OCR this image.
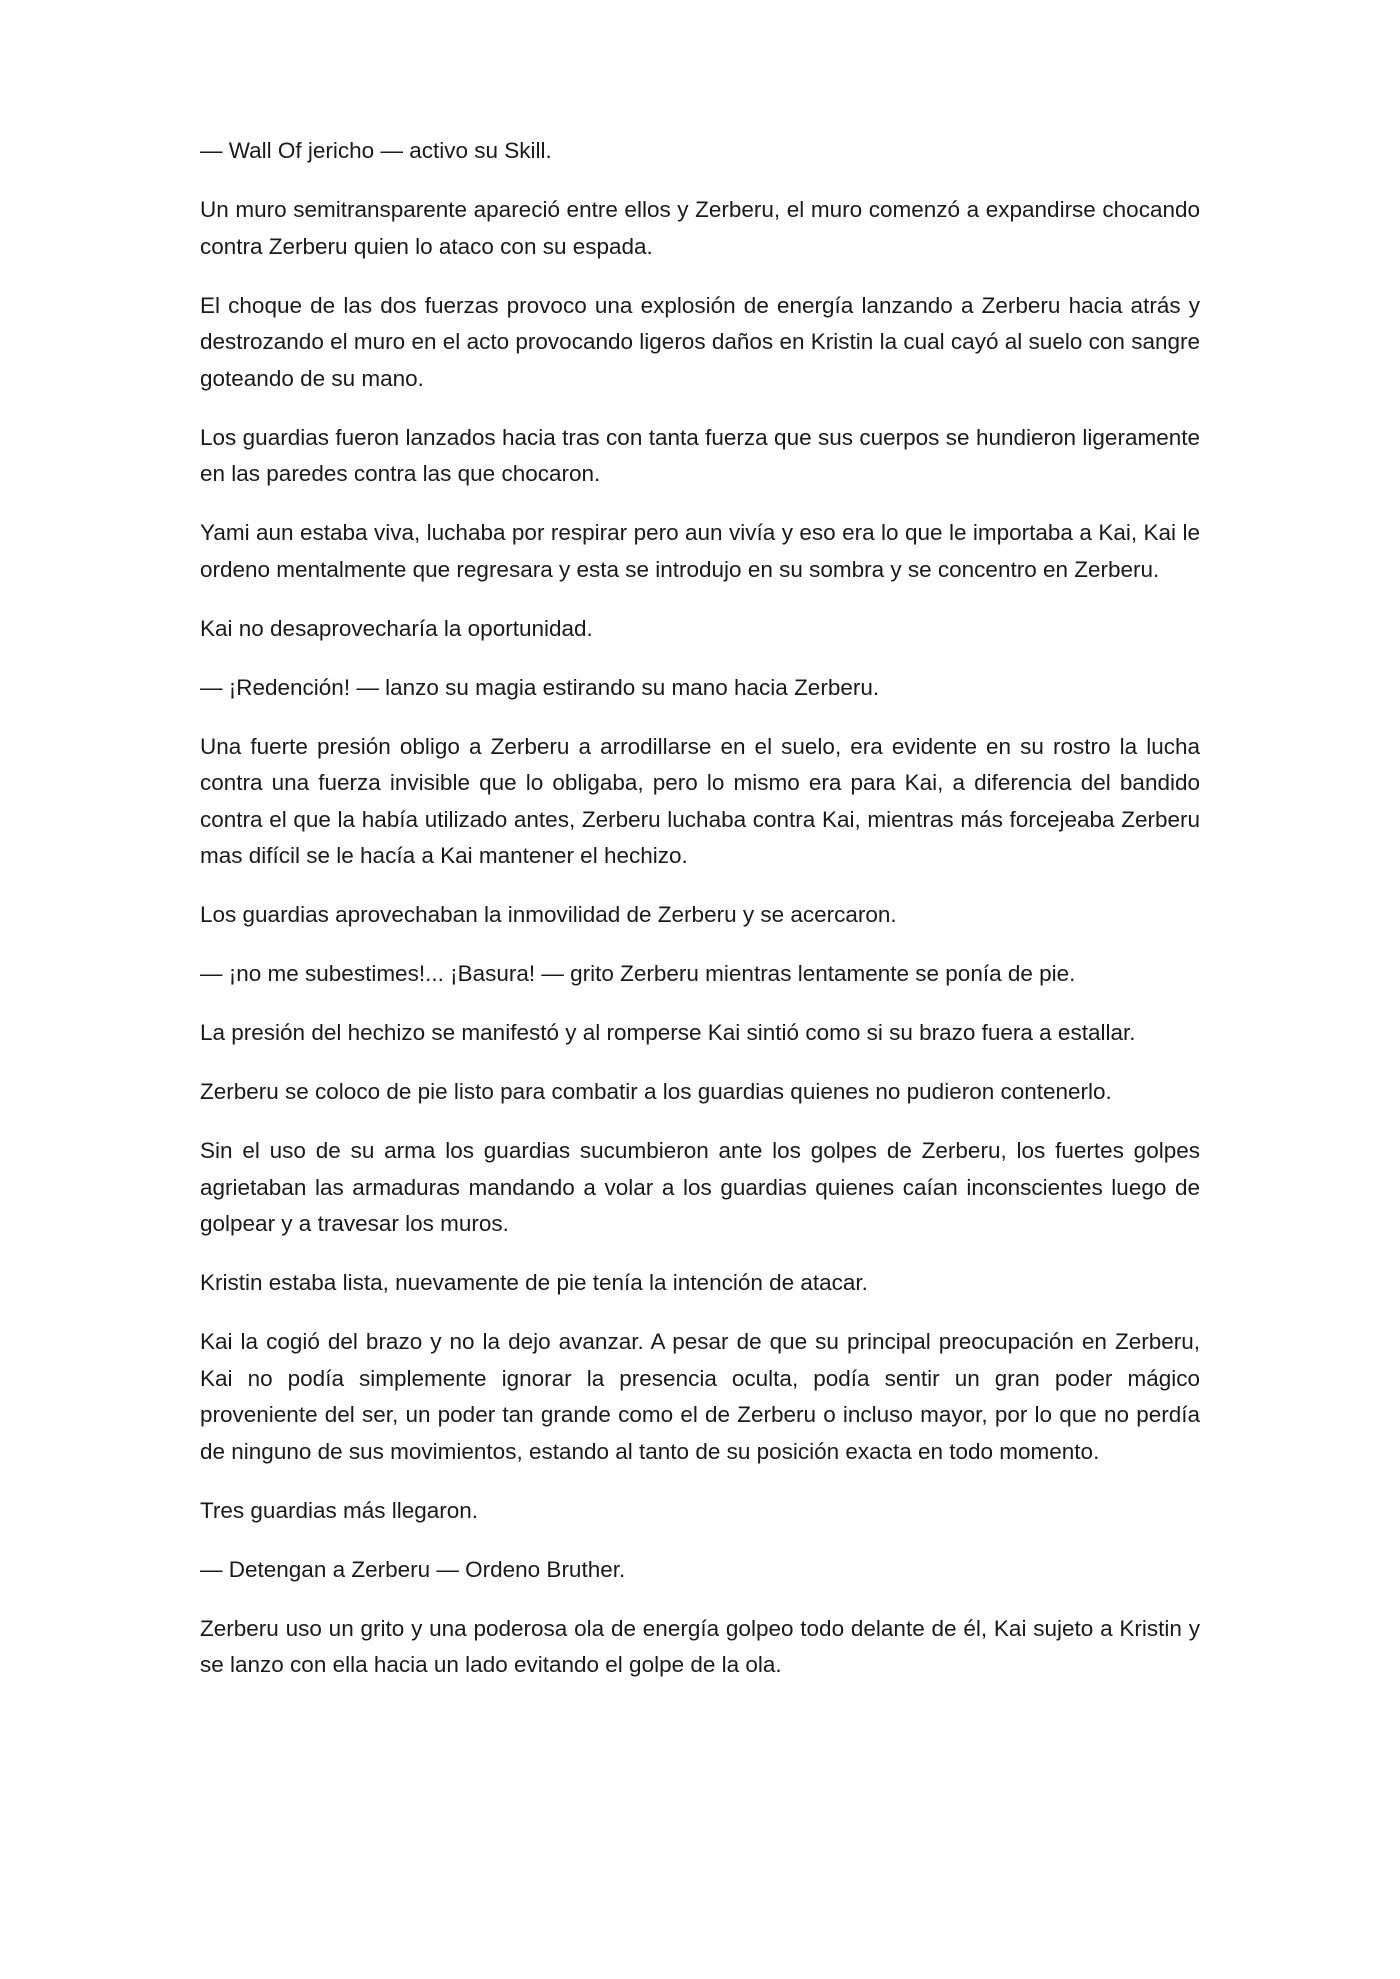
— Wall Of jericho — activo su Skill.

Un muro semitransparente apareció entre ellos y Zerberu, el muro comenzó a expandirse chocando contra Zerberu quien lo ataco con su espada.

El choque de las dos fuerzas provoco una explosión de energía lanzando a Zerberu hacia atrás y destrozando el muro en el acto provocando ligeros daños en Kristin la cual cayó al suelo con sangre goteando de su mano.

Los guardias fueron lanzados hacia tras con tanta fuerza que sus cuerpos se hundieron ligeramente en las paredes contra las que chocaron.

Yami aun estaba viva, luchaba por respirar pero aun vivía y eso era lo que le importaba a Kai, Kai le ordeno mentalmente que regresara y esta se introdujo en su sombra y se concentro en Zerberu.

Kai no desaprovecharía la oportunidad.

— ¡Redención! — lanzo su magia estirando su mano hacia Zerberu.

Una fuerte presión obligo a Zerberu a arrodillarse en el suelo, era evidente en su rostro la lucha contra una fuerza invisible que lo obligaba, pero lo mismo era para Kai, a diferencia del bandido contra el que la había utilizado antes, Zerberu luchaba contra Kai, mientras más forcejeaba Zerberu mas difícil se le hacía a Kai mantener el hechizo.

Los guardias aprovechaban la inmovilidad de Zerberu y se acercaron.

— ¡no me subestimes!... ¡Basura! — grito Zerberu mientras lentamente se ponía de pie.

La presión del hechizo se manifestó y al romperse Kai sintió como si su brazo fuera a estallar.

Zerberu se coloco de pie listo para combatir a los guardias quienes no pudieron contenerlo.

Sin el uso de su arma los guardias sucumbieron ante los golpes de Zerberu, los fuertes golpes agrietaban las armaduras mandando a volar a los guardias quienes caían inconscientes luego de golpear y a travesar los muros.

Kristin estaba lista, nuevamente de pie tenía la intención de atacar.

Kai la cogió del brazo y no la dejo avanzar. A pesar de que su principal preocupación en Zerberu, Kai no podía simplemente ignorar la presencia oculta, podía sentir un gran poder mágico proveniente del ser, un poder tan grande como el de Zerberu o incluso mayor, por lo que no perdía de ninguno de sus movimientos, estando al tanto de su posición exacta en todo momento.

Tres guardias más llegaron.

— Detengan a Zerberu — Ordeno Bruther.

Zerberu uso un grito y una poderosa ola de energía golpeo todo delante de él, Kai sujeto a Kristin y se lanzo con ella hacia un lado evitando el golpe de la ola.
